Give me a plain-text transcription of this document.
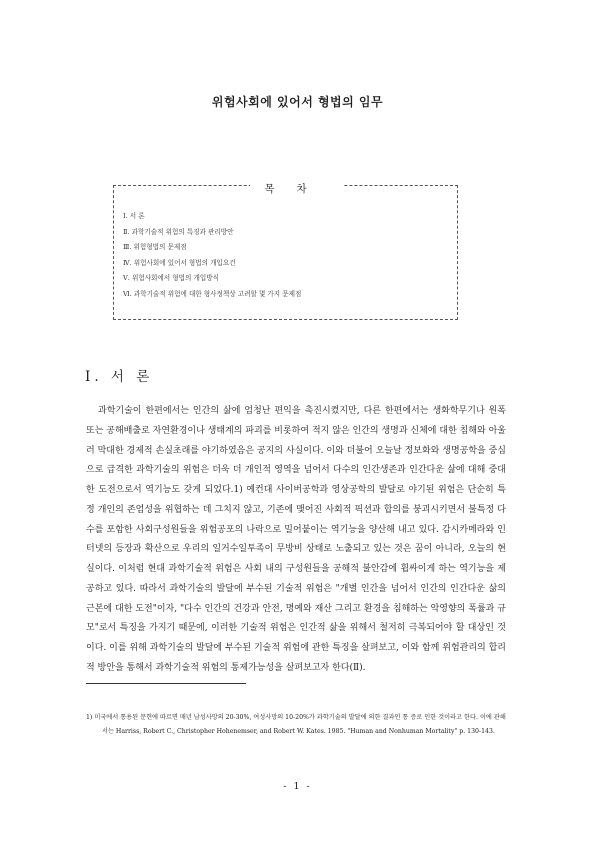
위험사회에 있어서 형법의 임무
목차
Ⅰ. 서 론
Ⅱ. 과학기술적 위험의 특징과 관리방안
Ⅲ. 위험형법의 문제점
Ⅳ. 위험사회에 있어서 형법의 개입요건
Ⅴ. 위험사회에서 형법의 개입방식
Ⅵ. 과학기술적 위험에 대한 형사정책상 고려할 몇 가지 문제점
Ⅰ. 서 론

과학기술이 한편에서는 인간의 삶에 엄청난 편익을 촉진시켰지만, 다른 한편에서는 생화학무기나 원폭 또는 공해배출로 자연환경이나 생태계의 파괴를 비롯하여 적지 않은 인간의 생명과 신체에 대한 침해와 아울러 막대한 경제적 손실초래를 야기하였음은 공지의 사실이다. 이와 더불어 오늘날 정보화와 생명공학을 중심으로 급격한 과학기술의 위험은 더욱 더 개인적 영역을 넘어서 다수의 인간생존과 인간다운 삶에 대해 중대한 도전으로서 역기능도 갖게 되었다.1) 예컨대 사이버공학과 영상공학의 발달로 야기된 위험은 단순히 특정 개인의 존엄성을 위협하는 데 그치지 않고, 기존에 맺어진 사회적 픽션과 합의를 붕괴시키면서 불특정 다수를 포함한 사회구성원들을 위험공포의 나락으로 밀어붙이는 역기능을 양산해 내고 있다. 감시카메라와 인터넷의 등장과 확산으로 우리의 일거수일투족이 무방비 상태로 노출되고 있는 것은 꿈이 아니라, 오늘의 현실이다. 이처럼 현대 과학기술적 위험은 사회 내의 구성원들을 공해적 불안감에 휩싸이게 하는 역기능을 제공하고 있다. 따라서 과학기술의 발달에 부수된 기술적 위험은 "개별 인간을 넘어서 인간의 인간다운 삶의 근본에 대한 도전"이자, "다수 인간의 건강과 안전, 명예와 재산 그리고 환경을 침해하는 악영향의 폭률과 규모"로서 특징을 가지기 때문에, 이러한 기술적 위험은 인간적 삶을 위해서 철저히 극복되어야 할 대상인 것이다. 이를 위해 과학기술의 발달에 부수된 기술적 위험에 관한 특징을 살펴보고, 이와 함께 위험관리의 합리적 방안을 통해서 과학기술적 위험의 통제가능성을 살펴보고자 한다(Ⅱ).

1) 미국에서 통용된 문헌에 따르면 매년 남성사망의 20-30%, 여성사망의 10-20%가 과학기술의 발달에 의한 결과인 통 증로 인한 것이라고 한다. 이에 관해서는 Harriss, Robert C., Christopher Hohenemser, and Robert W. Kates. 1985. "Human and Nonhuman Mortality" p. 130-143.

- 1 -
